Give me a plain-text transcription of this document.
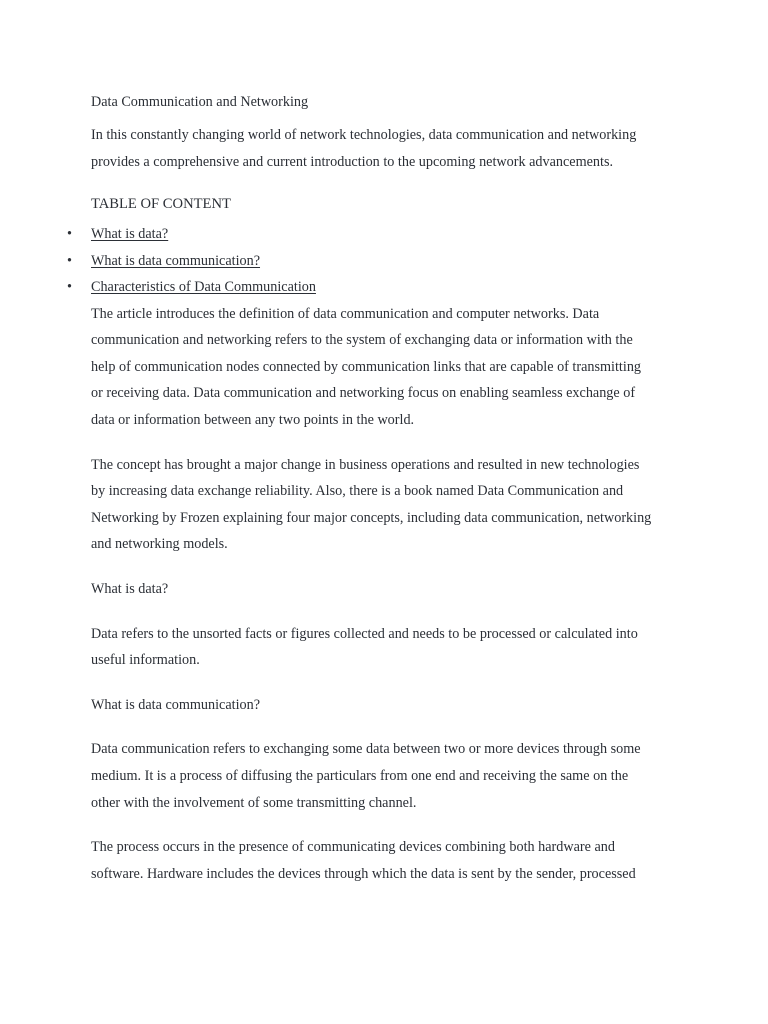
Data Communication and Networking

In this constantly changing world of network technologies, data communication and networking

provides a comprehensive and current introduction to the upcoming network advancements.

TABLE OF CONTENT

• What is data?
• What is data communication?
• Characteristics of Data Communication

The article introduces the definition of data communication and computer networks. Data

communication and networking refers to the system of exchanging data or information with the

help of communication nodes connected by communication links that are capable of transmitting

or receiving data. Data communication and networking focus on enabling seamless exchange of

data or information between any two points in the world.

The concept has brought a major change in business operations and resulted in new technologies

by increasing data exchange reliability. Also, there is a book named Data Communication and

Networking by Frozen explaining four major concepts, including data communication, networking

and networking models.

What is data?

Data refers to the unsorted facts or figures collected and needs to be processed or calculated into

useful information.

What is data communication?

Data communication refers to exchanging some data between two or more devices through some

medium. It is a process of diffusing the particulars from one end and receiving the same on the

other with the involvement of some transmitting channel.

The process occurs in the presence of communicating devices combining both hardware and

software. Hardware includes the devices through which the data is sent by the sender, processed
